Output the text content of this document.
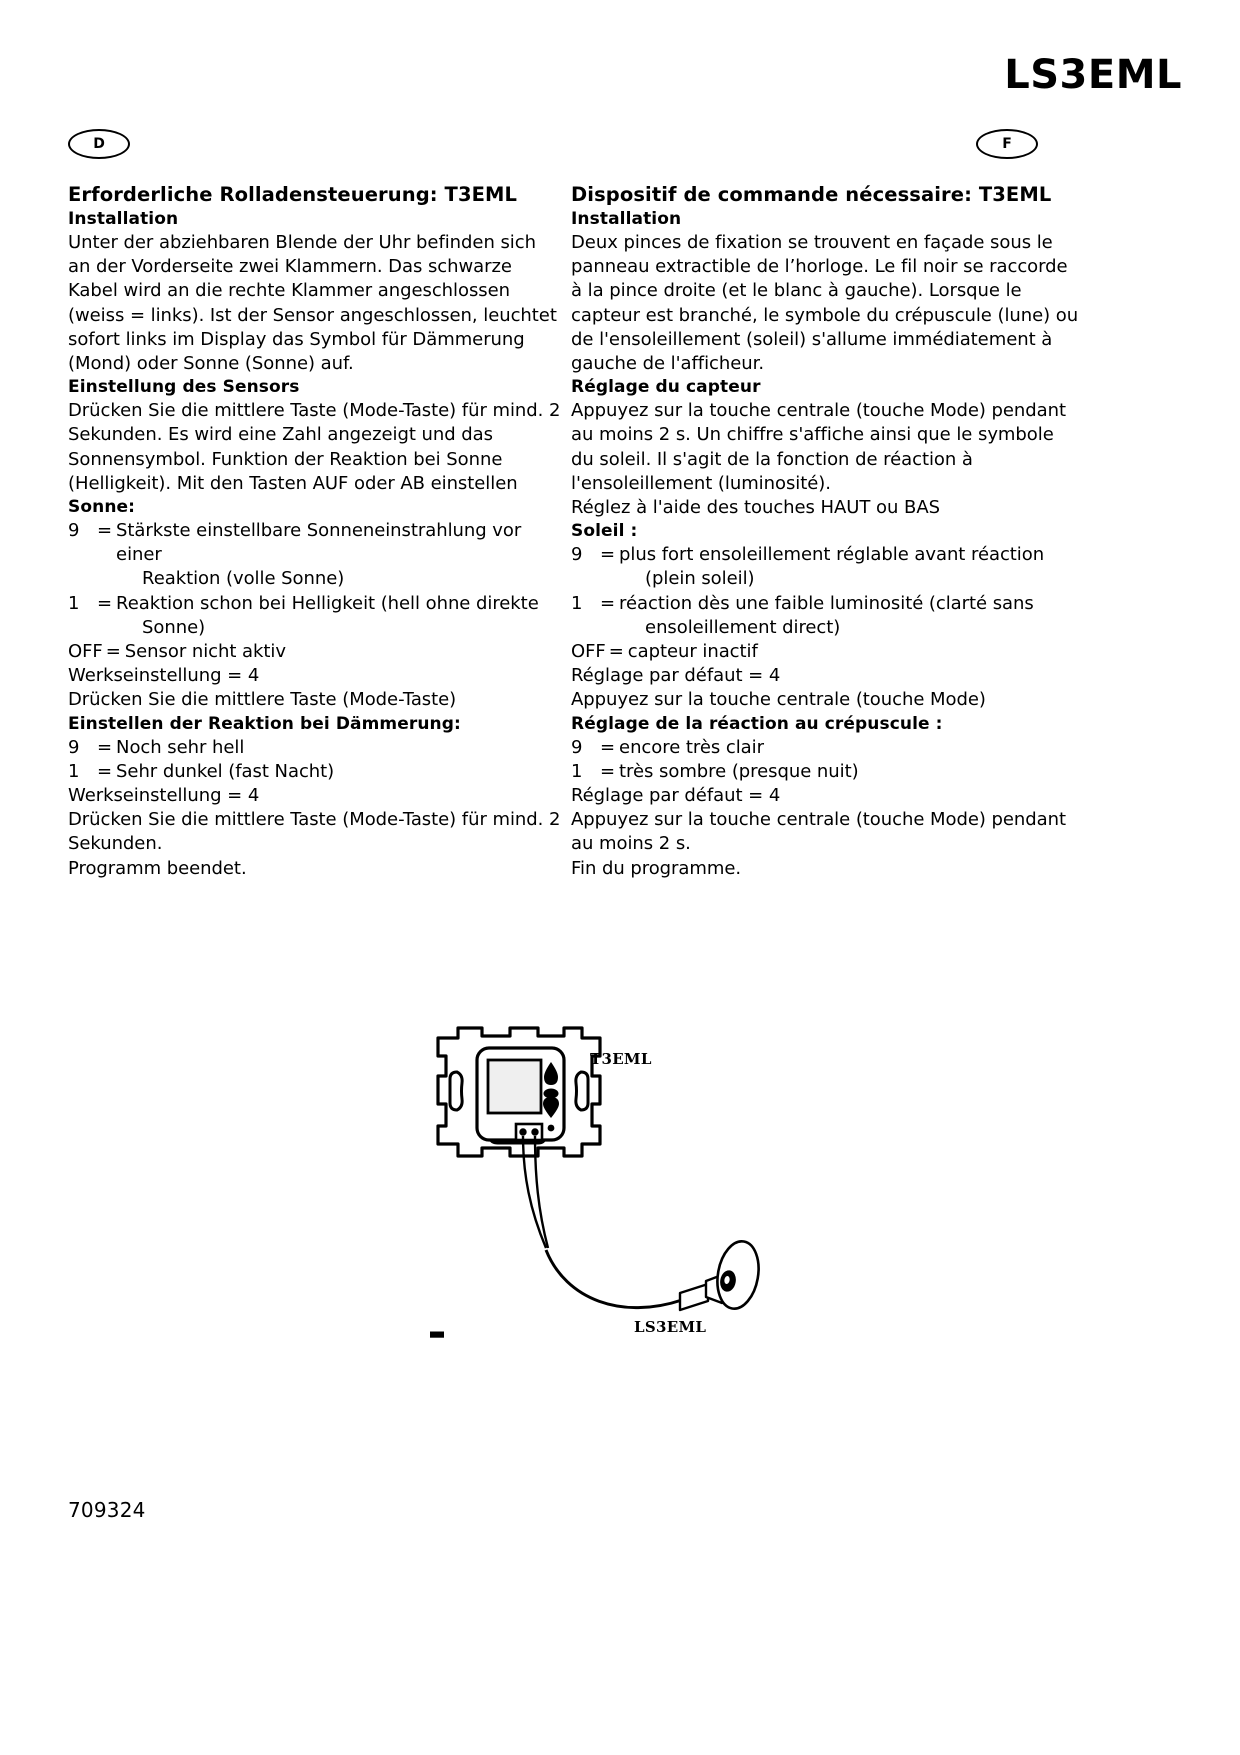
LS3EML
D	F
Erforderliche Rolladensteuerung: T3EML
Installation
Unter der abziehbaren Blende der Uhr befinden sich an der Vorderseite zwei Klammern. Das schwarze Kabel wird an die rechte Klammer angeschlossen (weiss = links). Ist der Sensor angeschlossen, leuchtet sofort links im Display das Symbol für Dämmerung (Mond) oder Sonne (Sonne) auf.
Einstellung des Sensors
Drücken Sie die mittlere Taste (Mode-Taste) für mind. 2 Sekunden. Es wird eine Zahl angezeigt und das Sonnensymbol. Funktion der Reaktion bei Sonne (Helligkeit). Mit den Tasten AUF oder AB einstellen
Sonne:
9 = Stärkste einstellbare Sonneneinstrahlung vor einer
Reaktion (volle Sonne)
1 = Reaktion schon bei Helligkeit (hell ohne direkte
Sonne)
OFF = Sensor nicht aktiv
Werkseinstellung = 4
Drücken Sie die mittlere Taste (Mode-Taste)
Einstellen der Reaktion bei Dämmerung:
9 = Noch sehr hell
1 = Sehr dunkel (fast Nacht)
Werkseinstellung = 4
Drücken Sie die mittlere Taste (Mode-Taste) für mind. 2 Sekunden.
Programm beendet.
Dispositif de commande nécessaire: T3EML
Installation
Deux pinces de fixation se trouvent en façade sous le panneau extractible de l’horloge. Le fil noir se raccorde à la pince droite (et le blanc à gauche). Lorsque le capteur est branché, le symbole du crépuscule (lune) ou de l'ensoleillement (soleil) s'allume immédiatement à gauche de l'afficheur.
Réglage du capteur
Appuyez sur la touche centrale (touche Mode) pendant au moins 2 s. Un chiffre s'affiche ainsi que le symbole du soleil. Il s'agit de la fonction de réaction à l'ensoleillement (luminosité).
Réglez à l'aide des touches HAUT ou BAS
Soleil :
9 = plus fort ensoleillement réglable avant réaction
(plein soleil)
1 = réaction dès une faible luminosité (clarté sans
ensoleillement direct)
OFF = capteur inactif
Réglage par défaut = 4
Appuyez sur la touche centrale (touche Mode)
Réglage de la réaction au crépuscule :
9 = encore très clair
1 = très sombre (presque nuit)
Réglage par défaut = 4
Appuyez sur la touche centrale (touche Mode) pendant au moins 2 s.
Fin du programme.
T3EML
LS3EML
709324
